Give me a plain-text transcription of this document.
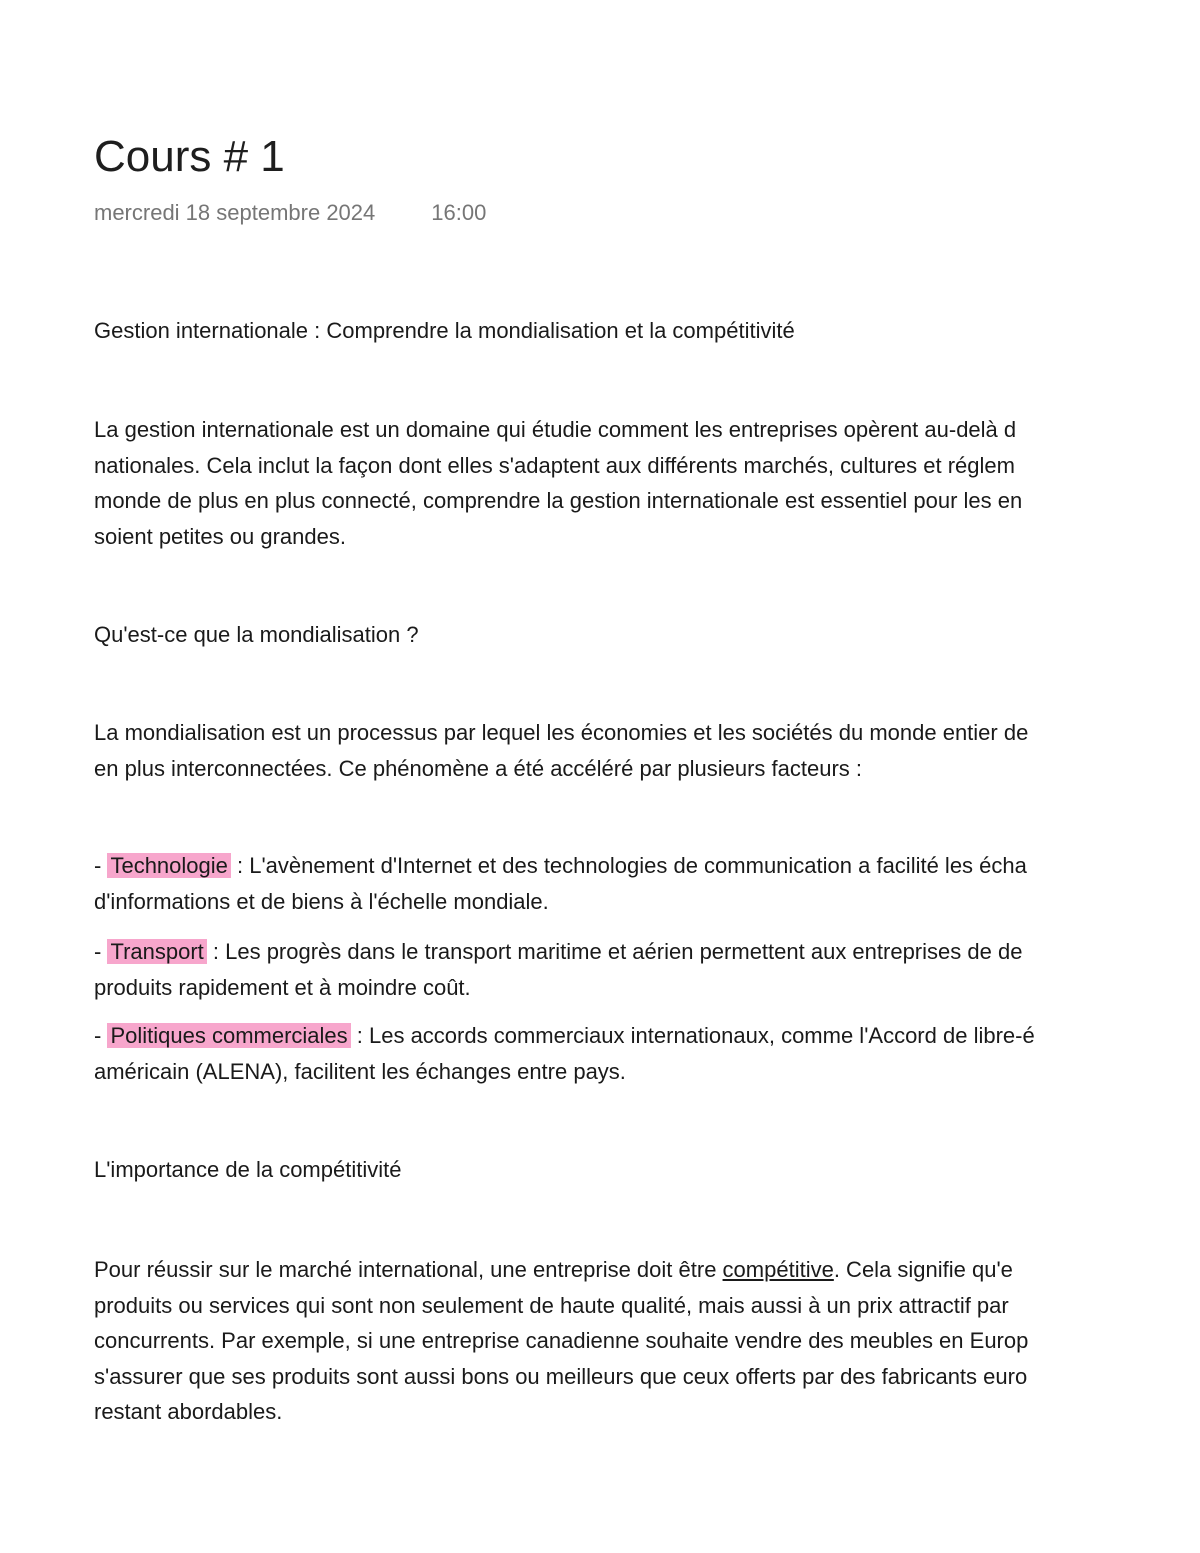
Cours # 1
mercredi 18 septembre 2024	16:00

Gestion internationale : Comprendre la mondialisation et la compétitivité

La gestion internationale est un domaine qui étudie comment les entreprises opèrent au-delà d
nationales. Cela inclut la façon dont elles s'adaptent aux différents marchés, cultures et réglem
monde de plus en plus connecté, comprendre la gestion internationale est essentiel pour les en
soient petites ou grandes.

Qu'est-ce que la mondialisation ?

La mondialisation est un processus par lequel les économies et les sociétés du monde entier de
en plus interconnectées. Ce phénomène a été accéléré par plusieurs facteurs :
- Technologie : L'avènement d'Internet et des technologies de communication a facilité les écha
d'informations et de biens à l'échelle mondiale.
- Transport : Les progrès dans le transport maritime et aérien permettent aux entreprises de de
produits rapidement et à moindre coût.
- Politiques commerciales : Les accords commerciaux internationaux, comme l'Accord de libre-é
américain (ALENA), facilitent les échanges entre pays.

L'importance de la compétitivité

Pour réussir sur le marché international, une entreprise doit être compétitive. Cela signifie qu'e
produits ou services qui sont non seulement de haute qualité, mais aussi à un prix attractif par
concurrents. Par exemple, si une entreprise canadienne souhaite vendre des meubles en Europ
s'assurer que ses produits sont aussi bons ou meilleurs que ceux offerts par des fabricants euro
restant abordables.
